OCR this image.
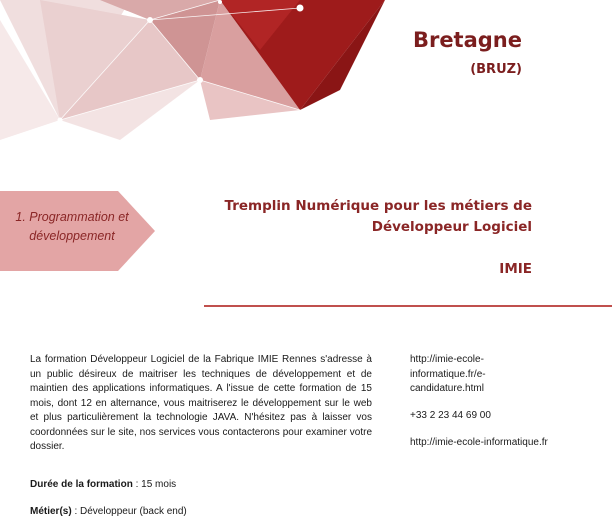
Bretagne
(BRUZ)
1. Programmation et
développement
Tremplin Numérique pour les métiers de
Développeur Logiciel
IMIE
La formation Développeur Logiciel de la Fabrique IMIE Rennes s'adresse à un public désireux de maitriser les techniques de développement et de maintien des applications informatiques. A l'issue de cette formation de 15 mois, dont 12 en alternance, vous maitriserez le développement sur le web et plus particulièrement la technologie JAVA. N'hésitez pas à laisser vos coordonnées sur le site, nos services vous contacterons pour examiner votre dossier.
http://imie-ecole-informatique.fr/e-candidature.html
+33 2 23 44 69 00
http://imie-ecole-informatique.fr
Durée de la formation : 15 mois
Métier(s) : Développeur (back end)
